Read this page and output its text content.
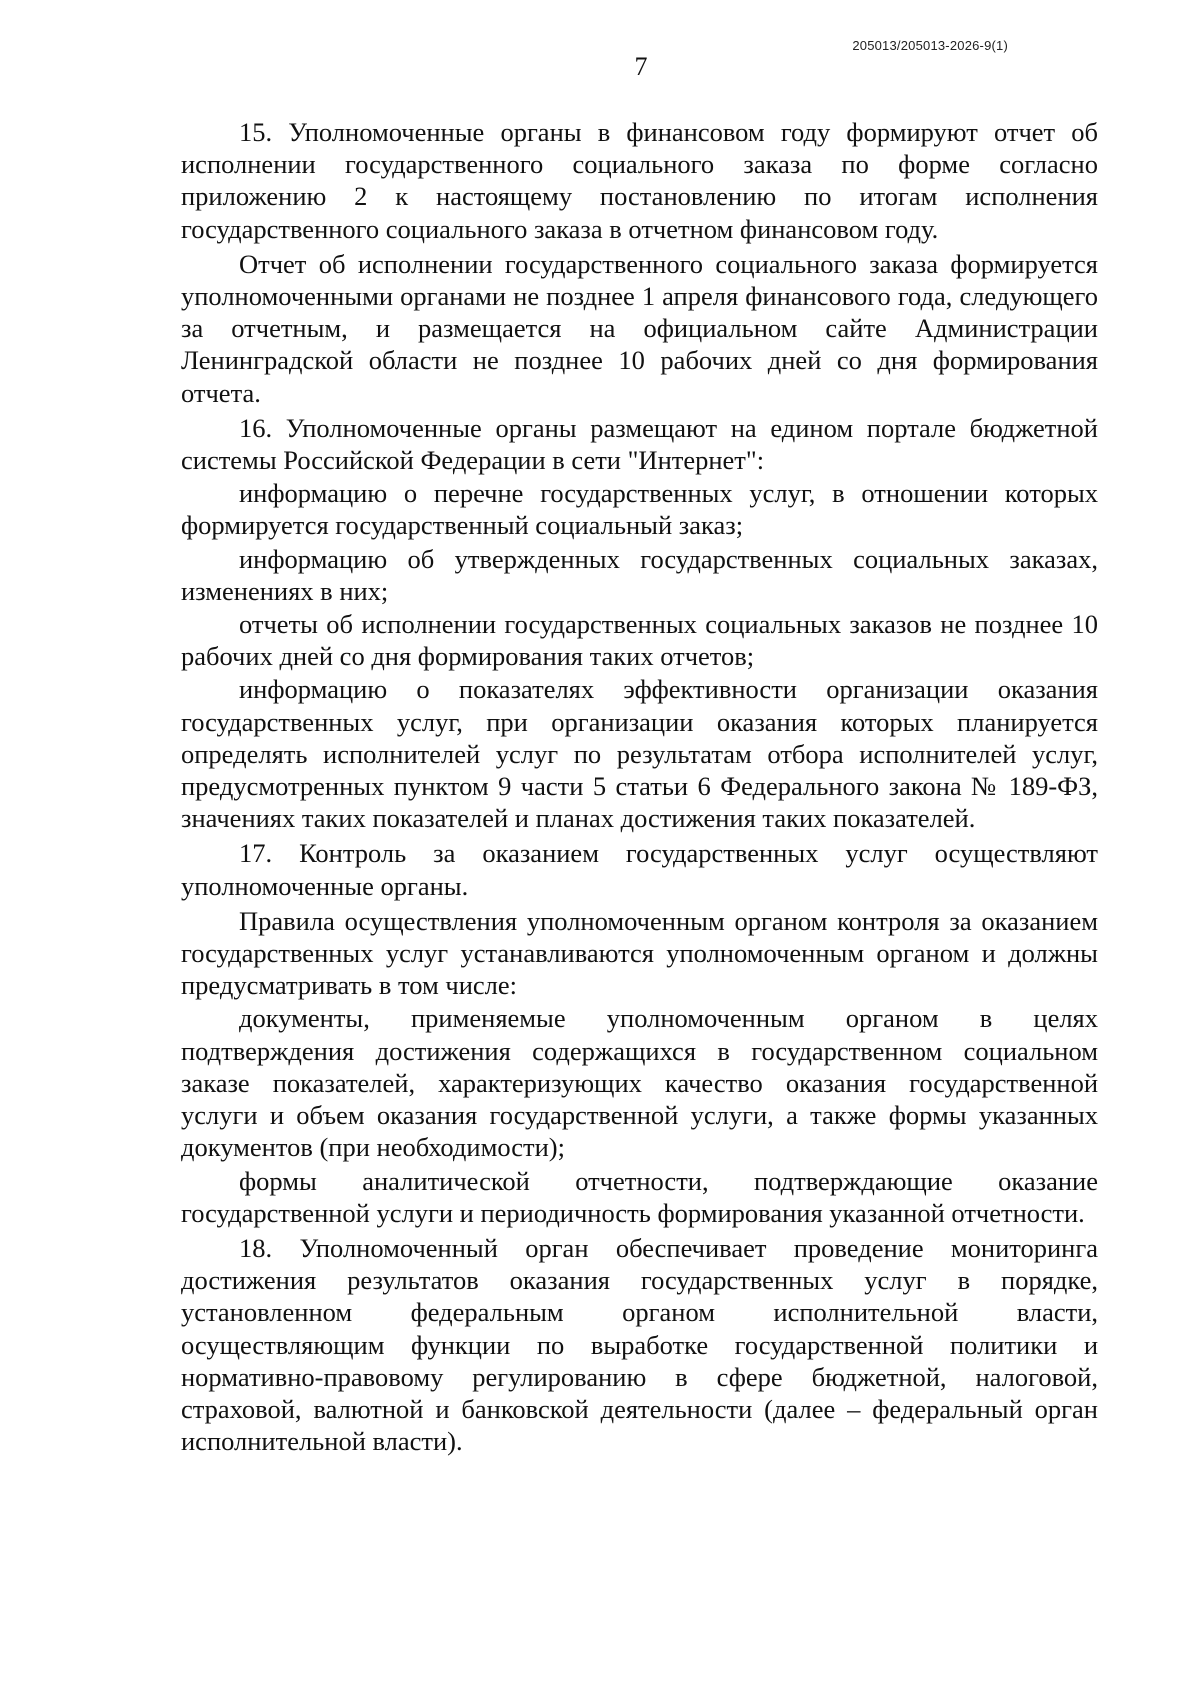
205013/205013-2026-9(1)
7

15. Уполномоченные органы в финансовом году формируют отчет об исполнении государственного социального заказа по форме согласно приложению 2 к настоящему постановлению по итогам исполнения государственного социального заказа в отчетном финансовом году.

Отчет об исполнении государственного социального заказа формируется уполномоченными органами не позднее 1 апреля финансового года, следующего за отчетным, и размещается на официальном сайте Администрации Ленинградской области не позднее 10 рабочих дней со дня формирования отчета.

16. Уполномоченные органы размещают на едином портале бюджетной системы Российской Федерации в сети "Интернет":

информацию о перечне государственных услуг, в отношении которых формируется государственный социальный заказ;

информацию об утвержденных государственных социальных заказах, изменениях в них;

отчеты об исполнении государственных социальных заказов не позднее 10 рабочих дней со дня формирования таких отчетов;

информацию о показателях эффективности организации оказания государственных услуг, при организации оказания которых планируется определять исполнителей услуг по результатам отбора исполнителей услуг, предусмотренных пунктом 9 части 5 статьи 6 Федерального закона № 189-ФЗ, значениях таких показателей и планах достижения таких показателей.

17. Контроль за оказанием государственных услуг осуществляют уполномоченные органы.

Правила осуществления уполномоченным органом контроля за оказанием государственных услуг устанавливаются уполномоченным органом и должны предусматривать в том числе:

документы, применяемые уполномоченным органом в целях подтверждения достижения содержащихся в государственном социальном заказе показателей, характеризующих качество оказания государственной услуги и объем оказания государственной услуги, а также формы указанных документов (при необходимости);

формы аналитической отчетности, подтверждающие оказание государственной услуги и периодичность формирования указанной отчетности.

18. Уполномоченный орган обеспечивает проведение мониторинга достижения результатов оказания государственных услуг в порядке, установленном федеральным органом исполнительной власти, осуществляющим функции по выработке государственной политики и нормативно-правовому регулированию в сфере бюджетной, налоговой, страховой, валютной и банковской деятельности (далее – федеральный орган исполнительной власти).
